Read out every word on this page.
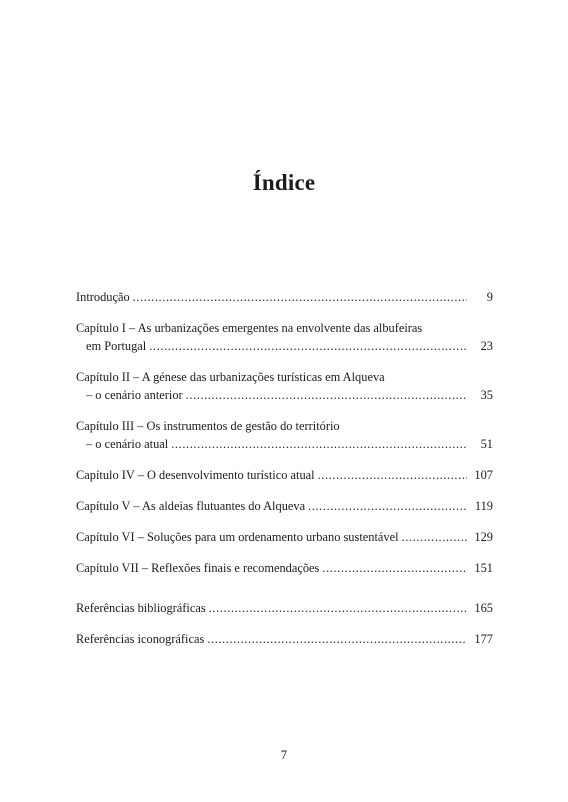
Índice
Introdução .....	9
Capítulo I – As urbanizações emergentes na envolvente das albufeiras
em Portugal .....	23
Capítulo II – A génese das urbanizações turísticas em Alqueva
– o cenário anterior .....	35
Capítulo III – Os instrumentos de gestão do território
– o cenário atual .....	51
Capítulo IV – O desenvolvimento turístico atual .....	107
Capítulo V – As aldeias flutuantes do Alqueva .....	119
Capítulo VI – Soluções para um ordenamento urbano sustentável .....	129
Capítulo VII – Reflexões finais e recomendações .....	151
Referências bibliográficas .....	165
Referências iconográficas .....	177
7
